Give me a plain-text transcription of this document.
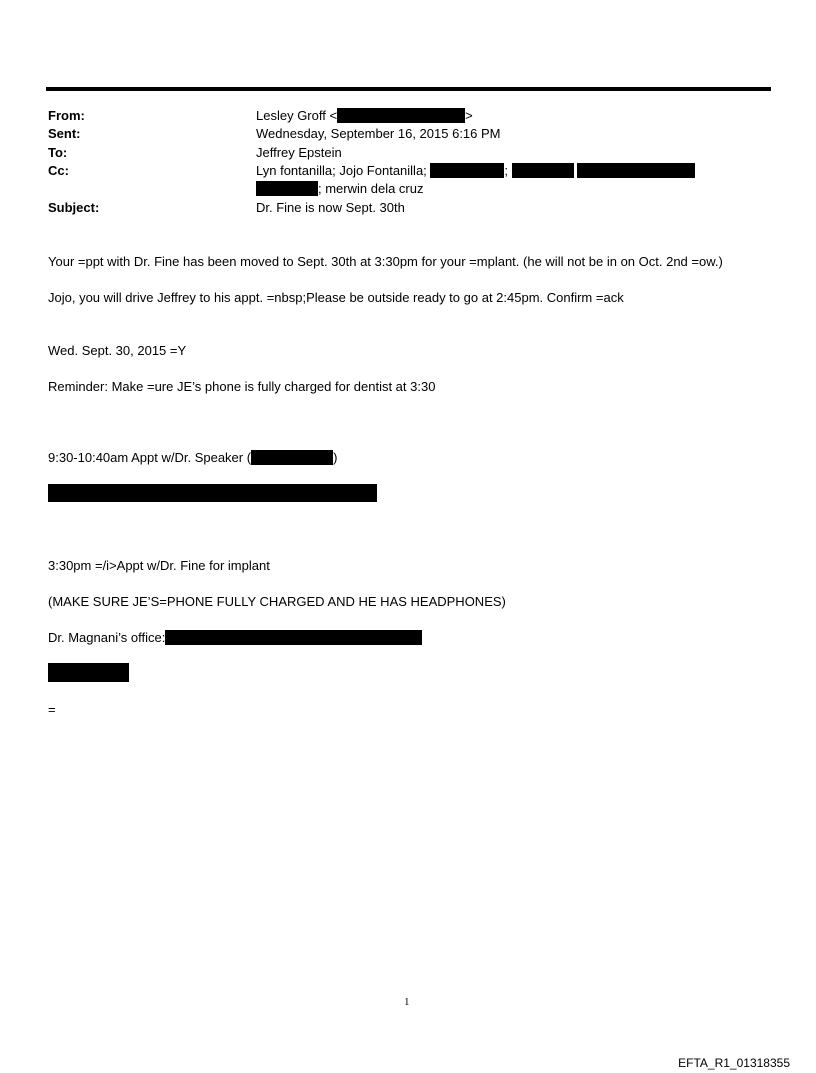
From:	Lesley Groff <	>
Sent:	Wednesday, September 16, 2015 6:16 PM
To:	Jeffrey Epstein
Cc:	Lyn fontanilla; Jojo Fontanilla;	;
; merwin dela cruz
Subject:	Dr. Fine is now Sept. 30th
Your =ppt with Dr. Fine has been moved to Sept. 30th at 3:30pm for your =mplant. (he will not be in on Oct. 2nd =ow.)
Jojo, you will drive Jeffrey to his appt. =nbsp;Please be outside ready to go at 2:45pm. Confirm =ack
Wed. Sept. 30, 2015 =Y
Reminder: Make =ure JE’s phone is fully charged for dentist at 3:30
9:30-10:40am Appt w/Dr. Speaker (	)
3:30pm =/i>Appt w/Dr. Fine for implant
(MAKE SURE JE’S=PHONE FULLY CHARGED AND HE HAS HEADPHONES)
Dr. Magnani’s office:
=
1
EFTA_R1_01318355
